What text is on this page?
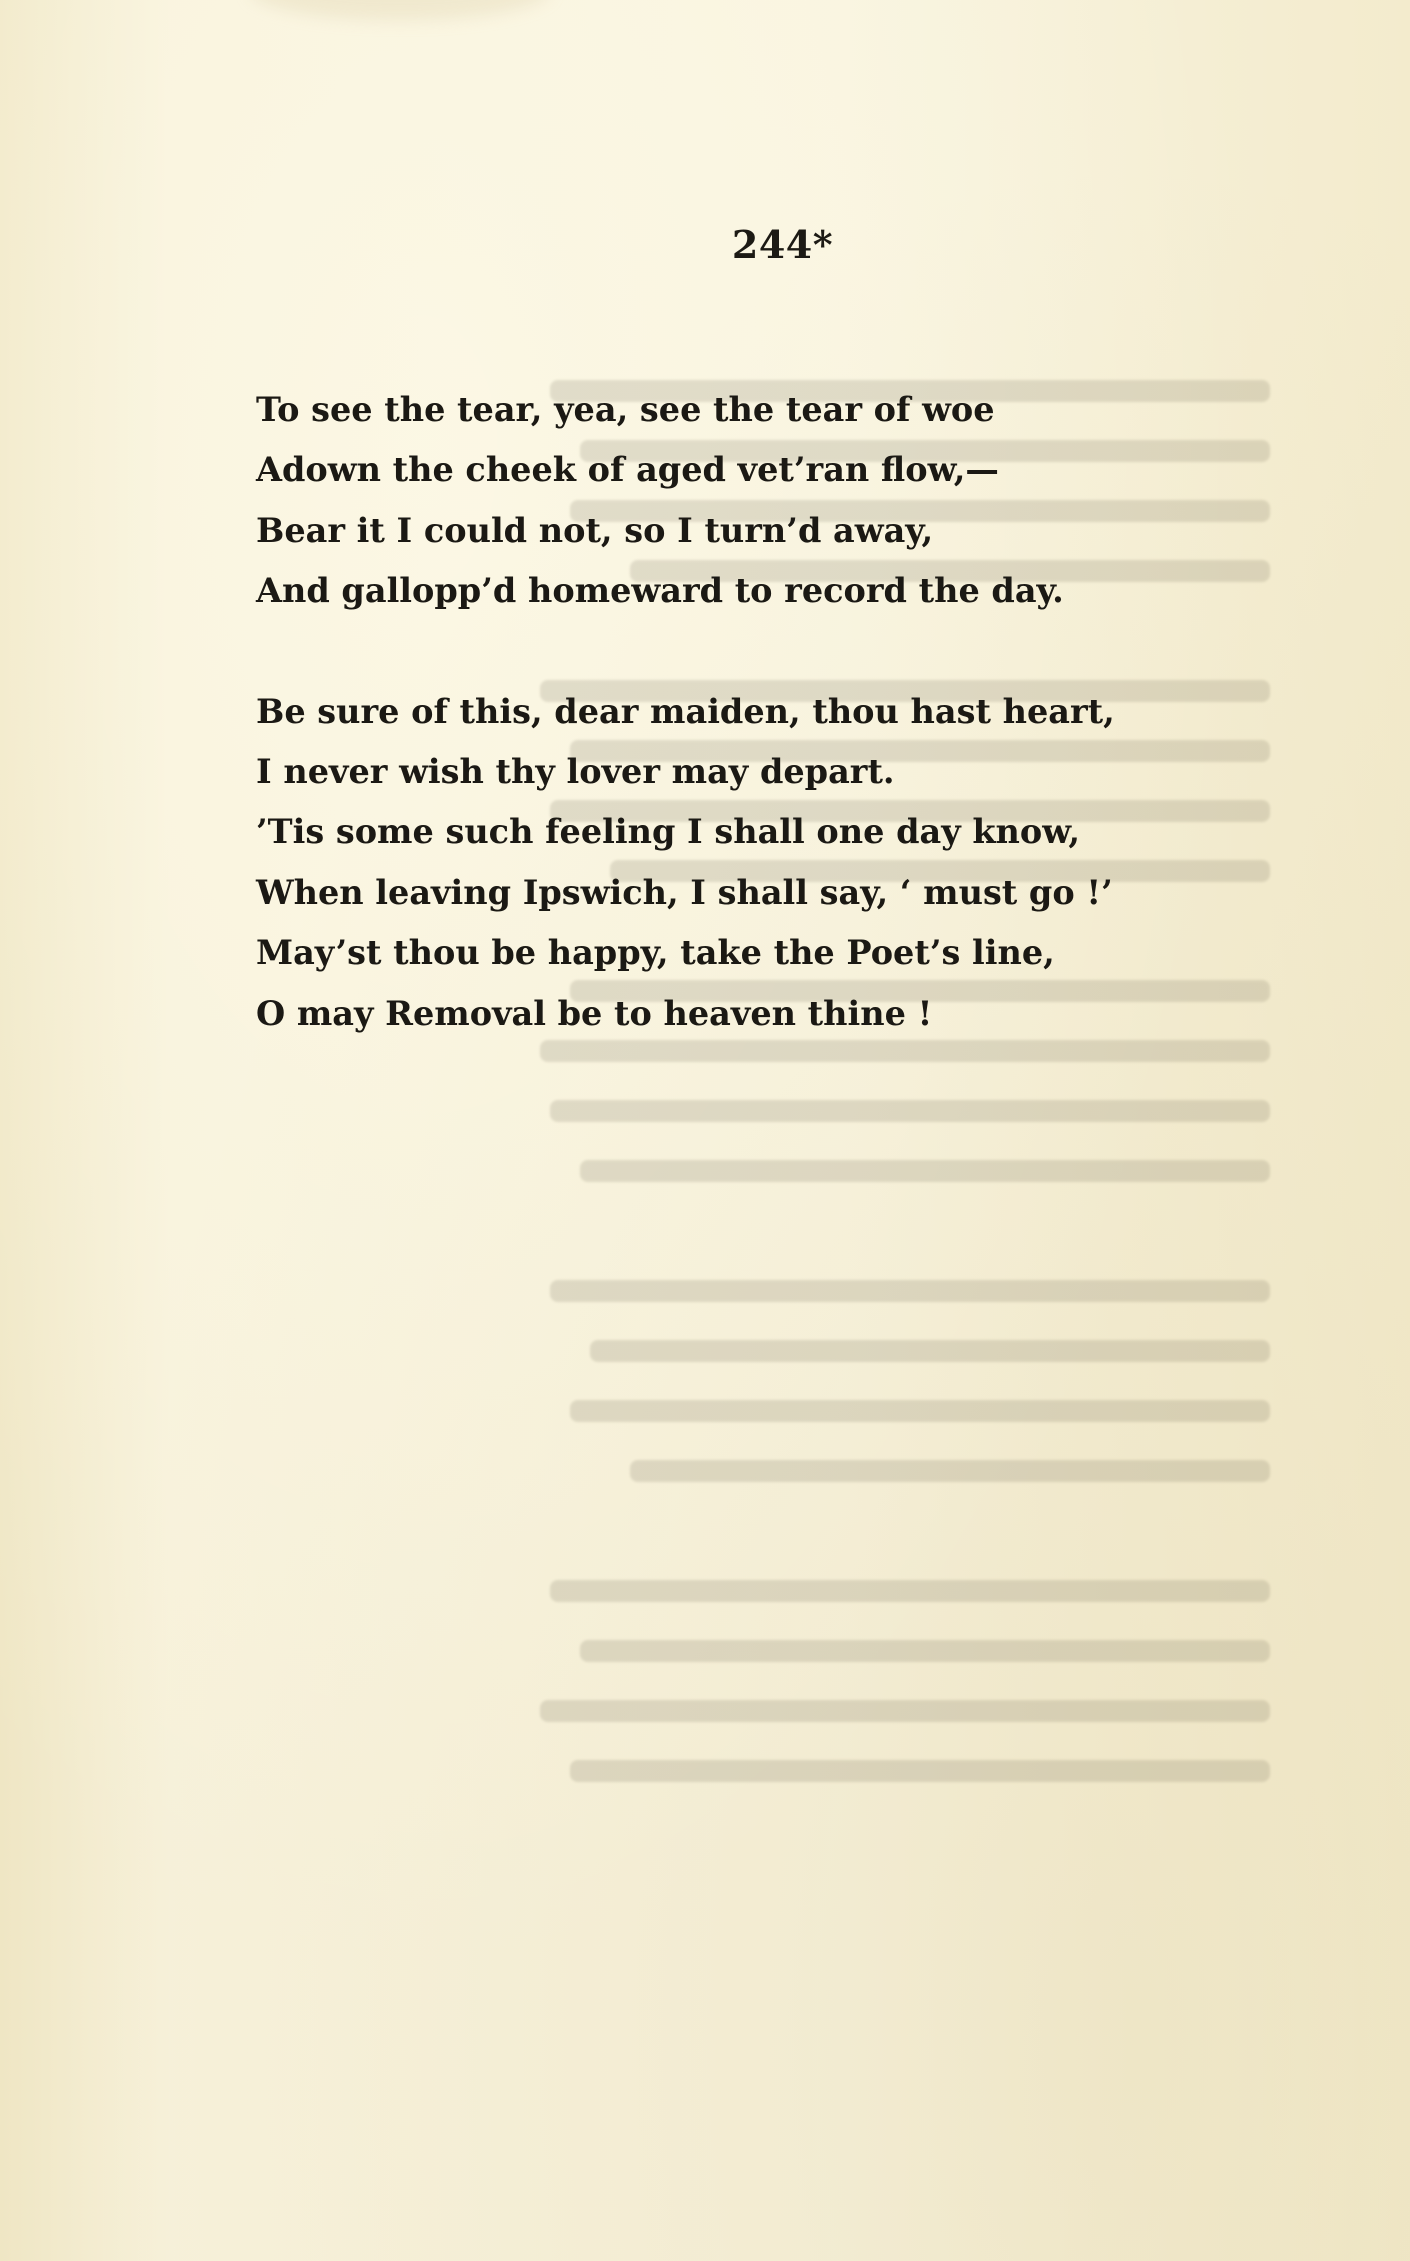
244*

To see the tear, yea, see the tear of woe
Adown the cheek of aged vet’ran flow,—
Bear it I could not, so I turn’d away,
And gallopp’d homeward to record the day.

Be sure of this, dear maiden, thou hast heart,
I never wish thy lover may depart.
’Tis some such feeling I shall one day know,
When leaving Ipswich, I shall say, ‘ must go !’
May’st thou be happy, take the Poet’s line,
O may Removal be to heaven thine !
